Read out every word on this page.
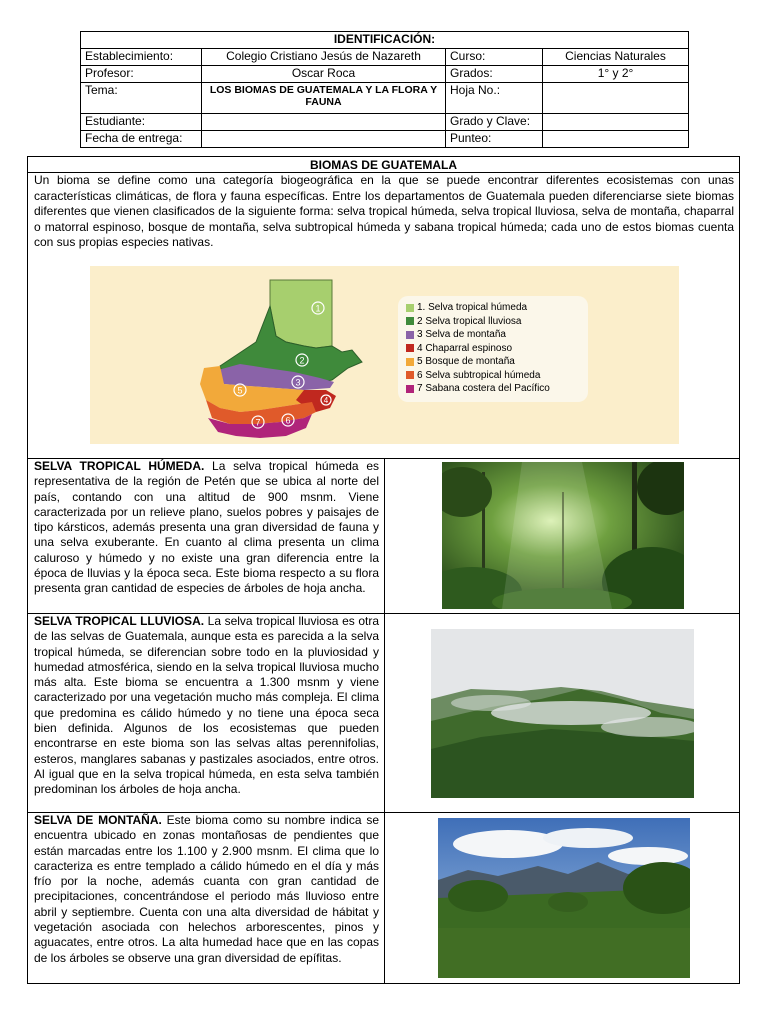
IDENTIFICACIÓN:			
Establecimiento:	Colegio Cristiano Jesús de Nazareth	Curso:	Ciencias Naturales
Profesor:	Oscar Roca	Grados:	1° y 2°
Tema:	LOS BIOMAS DE GUATEMALA Y LA FLORA Y FAUNA	Hoja No.:	
Estudiante:		Grado y Clave:	
Fecha de entrega:		Punteo:	
BIOMAS DE GUATEMALA

Un bioma se define como una categoría biogeográfica en la que se puede encontrar diferentes ecosistemas con unas características climáticas, de flora y fauna específicas. Entre los departamentos de Guatemala pueden diferenciarse siete biomas diferentes que vienen clasificados de la siguiente forma: selva tropical húmeda, selva tropical lluviosa, selva de montaña, chaparral o matorral espinoso, bosque de montaña, selva subtropical húmeda y sabana tropical húmeda; cada uno de estos biomas cuenta con sus propias especies nativas.

1
2
3
4
5
6
7
1. Selva tropical húmeda
2 Selva tropical lluviosa
3 Selva de montaña
4 Chaparral espinoso
5 Bosque de montaña
6 Selva subtropical húmeda
7 Sabana costera del Pacífico

SELVA TROPICAL HÚMEDA. La selva tropical húmeda es representativa de la región de Petén que se ubica al norte del país, contando con una altitud de 900 msnm. Viene caracterizada por un relieve plano, suelos pobres y paisajes de tipo kársticos, además presenta una gran diversidad de fauna y una selva exuberante. En cuanto al clima presenta un clima caluroso y húmedo y no existe una gran diferencia entre la época de lluvias y la época seca. Este bioma respecto a su flora presenta gran cantidad de especies de árboles de hoja ancha.

SELVA TROPICAL LLUVIOSA. La selva tropical lluviosa es otra de las selvas de Guatemala, aunque esta es parecida a la selva tropical húmeda, se diferencian sobre todo en la pluviosidad y humedad atmosférica, siendo en la selva tropical lluviosa mucho más alta. Este bioma se encuentra a 1.300 msnm y viene caracterizado por una vegetación mucho más compleja. El clima que predomina es cálido húmedo y no tiene una época seca bien definida. Algunos de los ecosistemas que pueden encontrarse en este bioma son las selvas altas perennifolias, esteros, manglares sabanas y pastizales asociados, entre otros. Al igual que en la selva tropical húmeda, en esta selva también predominan los árboles de hoja ancha.

SELVA DE MONTAÑA. Este bioma como su nombre indica se encuentra ubicado en zonas montañosas de pendientes que están marcadas entre los 1.100 y 2.900 msnm. El clima que lo caracteriza es entre templado a cálido húmedo en el día y más frío por la noche, además cuanta con gran cantidad de precipitaciones, concentrándose el periodo más lluvioso entre abril y septiembre. Cuenta con una alta diversidad de hábitat y vegetación asociada con helechos arborescentes, pinos y aguacates, entre otros. La alta humedad hace que en las copas de los árboles se observe una gran diversidad de epífitas.
